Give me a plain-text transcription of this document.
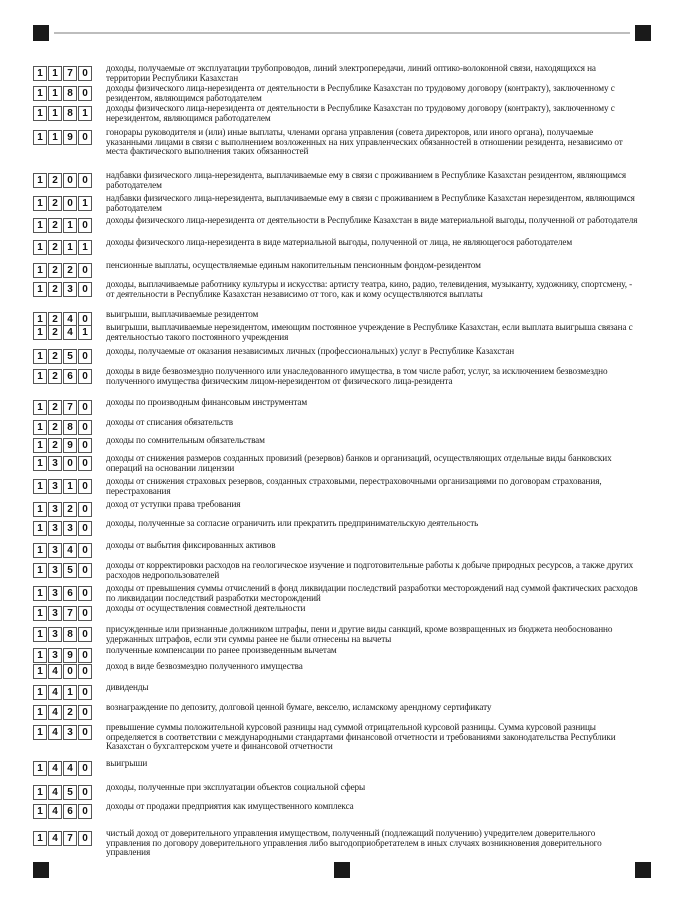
1 1 7 0	доходы, получаемые от эксплуатации трубопроводов, линий электропередачи, линий оптико-волоконной связи, находящихся на территории Республики Казахстан
1 1 8 0	доходы физического лица-нерезидента от деятельности в Республике Казахстан по трудовому договору (контракту), заключенному с резидентом, являющимся работодателем
1 1 8 1	доходы физического лица-нерезидента от деятельности в Республике Казахстан по трудовому договору (контракту), заключенному с нерезидентом, являющимся работодателем
1 1 9 0	гонорары руководителя и (или) иные выплаты, членами органа управления (совета директоров, или иного органа), получаемые указанными лицами в связи с выполнением возложенных на них управленческих обязанностей в отношении резидента, независимо от места фактического выполнения таких обязанностей
1 2 0 0	надбавки физического лица-нерезидента, выплачиваемые ему в связи с проживанием в Республике Казахстан резидентом, являющимся работодателем
1 2 0 1	надбавки физического лица-нерезидента, выплачиваемые ему в связи с проживанием в Республике Казахстан нерезидентом, являющимся работодателем
1 2 1 0	доходы физического лица-нерезидента от деятельности в Республике Казахстан в виде материальной выгоды, полученной от работодателя
1 2 1 1	доходы физического лица-нерезидента в виде материальной выгоды, полученной от лица, не являющегося работодателем
1 2 2 0	пенсионные выплаты, осуществляемые единым накопительным пенсионным фондом-резидентом
1 2 3 0	доходы, выплачиваемые работнику культуры и искусства: артисту театра, кино, радио, телевидения, музыканту, художнику, спортсмену, - от деятельности в Республике Казахстан независимо от того, как и кому осуществляются выплаты
1 2 4 0	выигрыши, выплачиваемые резидентом
1 2 4 1	выигрыши, выплачиваемые нерезидентом, имеющим постоянное учреждение в Республике Казахстан, если выплата выигрыша связана с деятельностью такого постоянного учреждения
1 2 5 0	доходы, получаемые от оказания независимых личных (профессиональных) услуг в Республике Казахстан
1 2 6 0	доходы в виде безвозмездно полученного или унаследованного имущества, в том числе работ, услуг, за исключением безвозмездно полученного имущества физическим лицом-нерезидентом от физического лица-резидента
1 2 7 0	доходы по производным финансовым инструментам
1 2 8 0	доходы от списания обязательств
1 2 9 0	доходы по сомнительным обязательствам
1 3 0 0	доходы от снижения размеров созданных провизий (резервов) банков и организаций, осуществляющих отдельные виды банковских операций на основании лицензии
1 3 1 0	доходы от снижения страховых резервов, созданных страховыми, перестраховочными организациями по договорам страхования, перестрахования
1 3 2 0	доход от уступки права требования
1 3 3 0	доходы, полученные за согласие ограничить или прекратить предпринимательскую деятельность
1 3 4 0	доходы от выбытия фиксированных активов
1 3 5 0	доходы от корректировки расходов на геологическое изучение и подготовительные работы к добыче природных ресурсов, а также других расходов недропользователей
1 3 6 0	доходы от превышения суммы отчислений в фонд ликвидации последствий разработки месторождений над суммой фактических расходов по ликвидации последствий разработки месторождений
1 3 7 0	доходы от осуществления совместной деятельности
1 3 8 0	присужденные или признанные должником штрафы, пени и другие виды санкций, кроме возвращенных из бюджета необоснованно удержанных штрафов, если эти суммы ранее не были отнесены на вычеты
1 3 9 0	полученные компенсации по ранее произведенным вычетам
1 4 0 0	доход в виде безвозмездно полученного имущества
1 4 1 0	дивиденды
1 4 2 0	вознаграждение по депозиту, долговой ценной бумаге, векселю, исламскому арендному сертификату
1 4 3 0	превышение суммы положительной курсовой разницы над суммой отрицательной курсовой разницы. Сумма курсовой разницы определяется в соответствии с международными стандартами финансовой отчетности и требованиями законодательства Республики Казахстан о бухгалтерском учете и финансовой отчетности
1 4 4 0	выигрыши
1 4 5 0	доходы, полученные при эксплуатации объектов социальной сферы
1 4 6 0	доходы от продажи предприятия как имущественного комплекса
1 4 7 0	чистый доход от доверительного управления имуществом, полученный (подлежащий получению) учредителем доверительного управления по договору доверительного управления либо выгодоприобретателем в иных случаях возникновения доверительного управления
